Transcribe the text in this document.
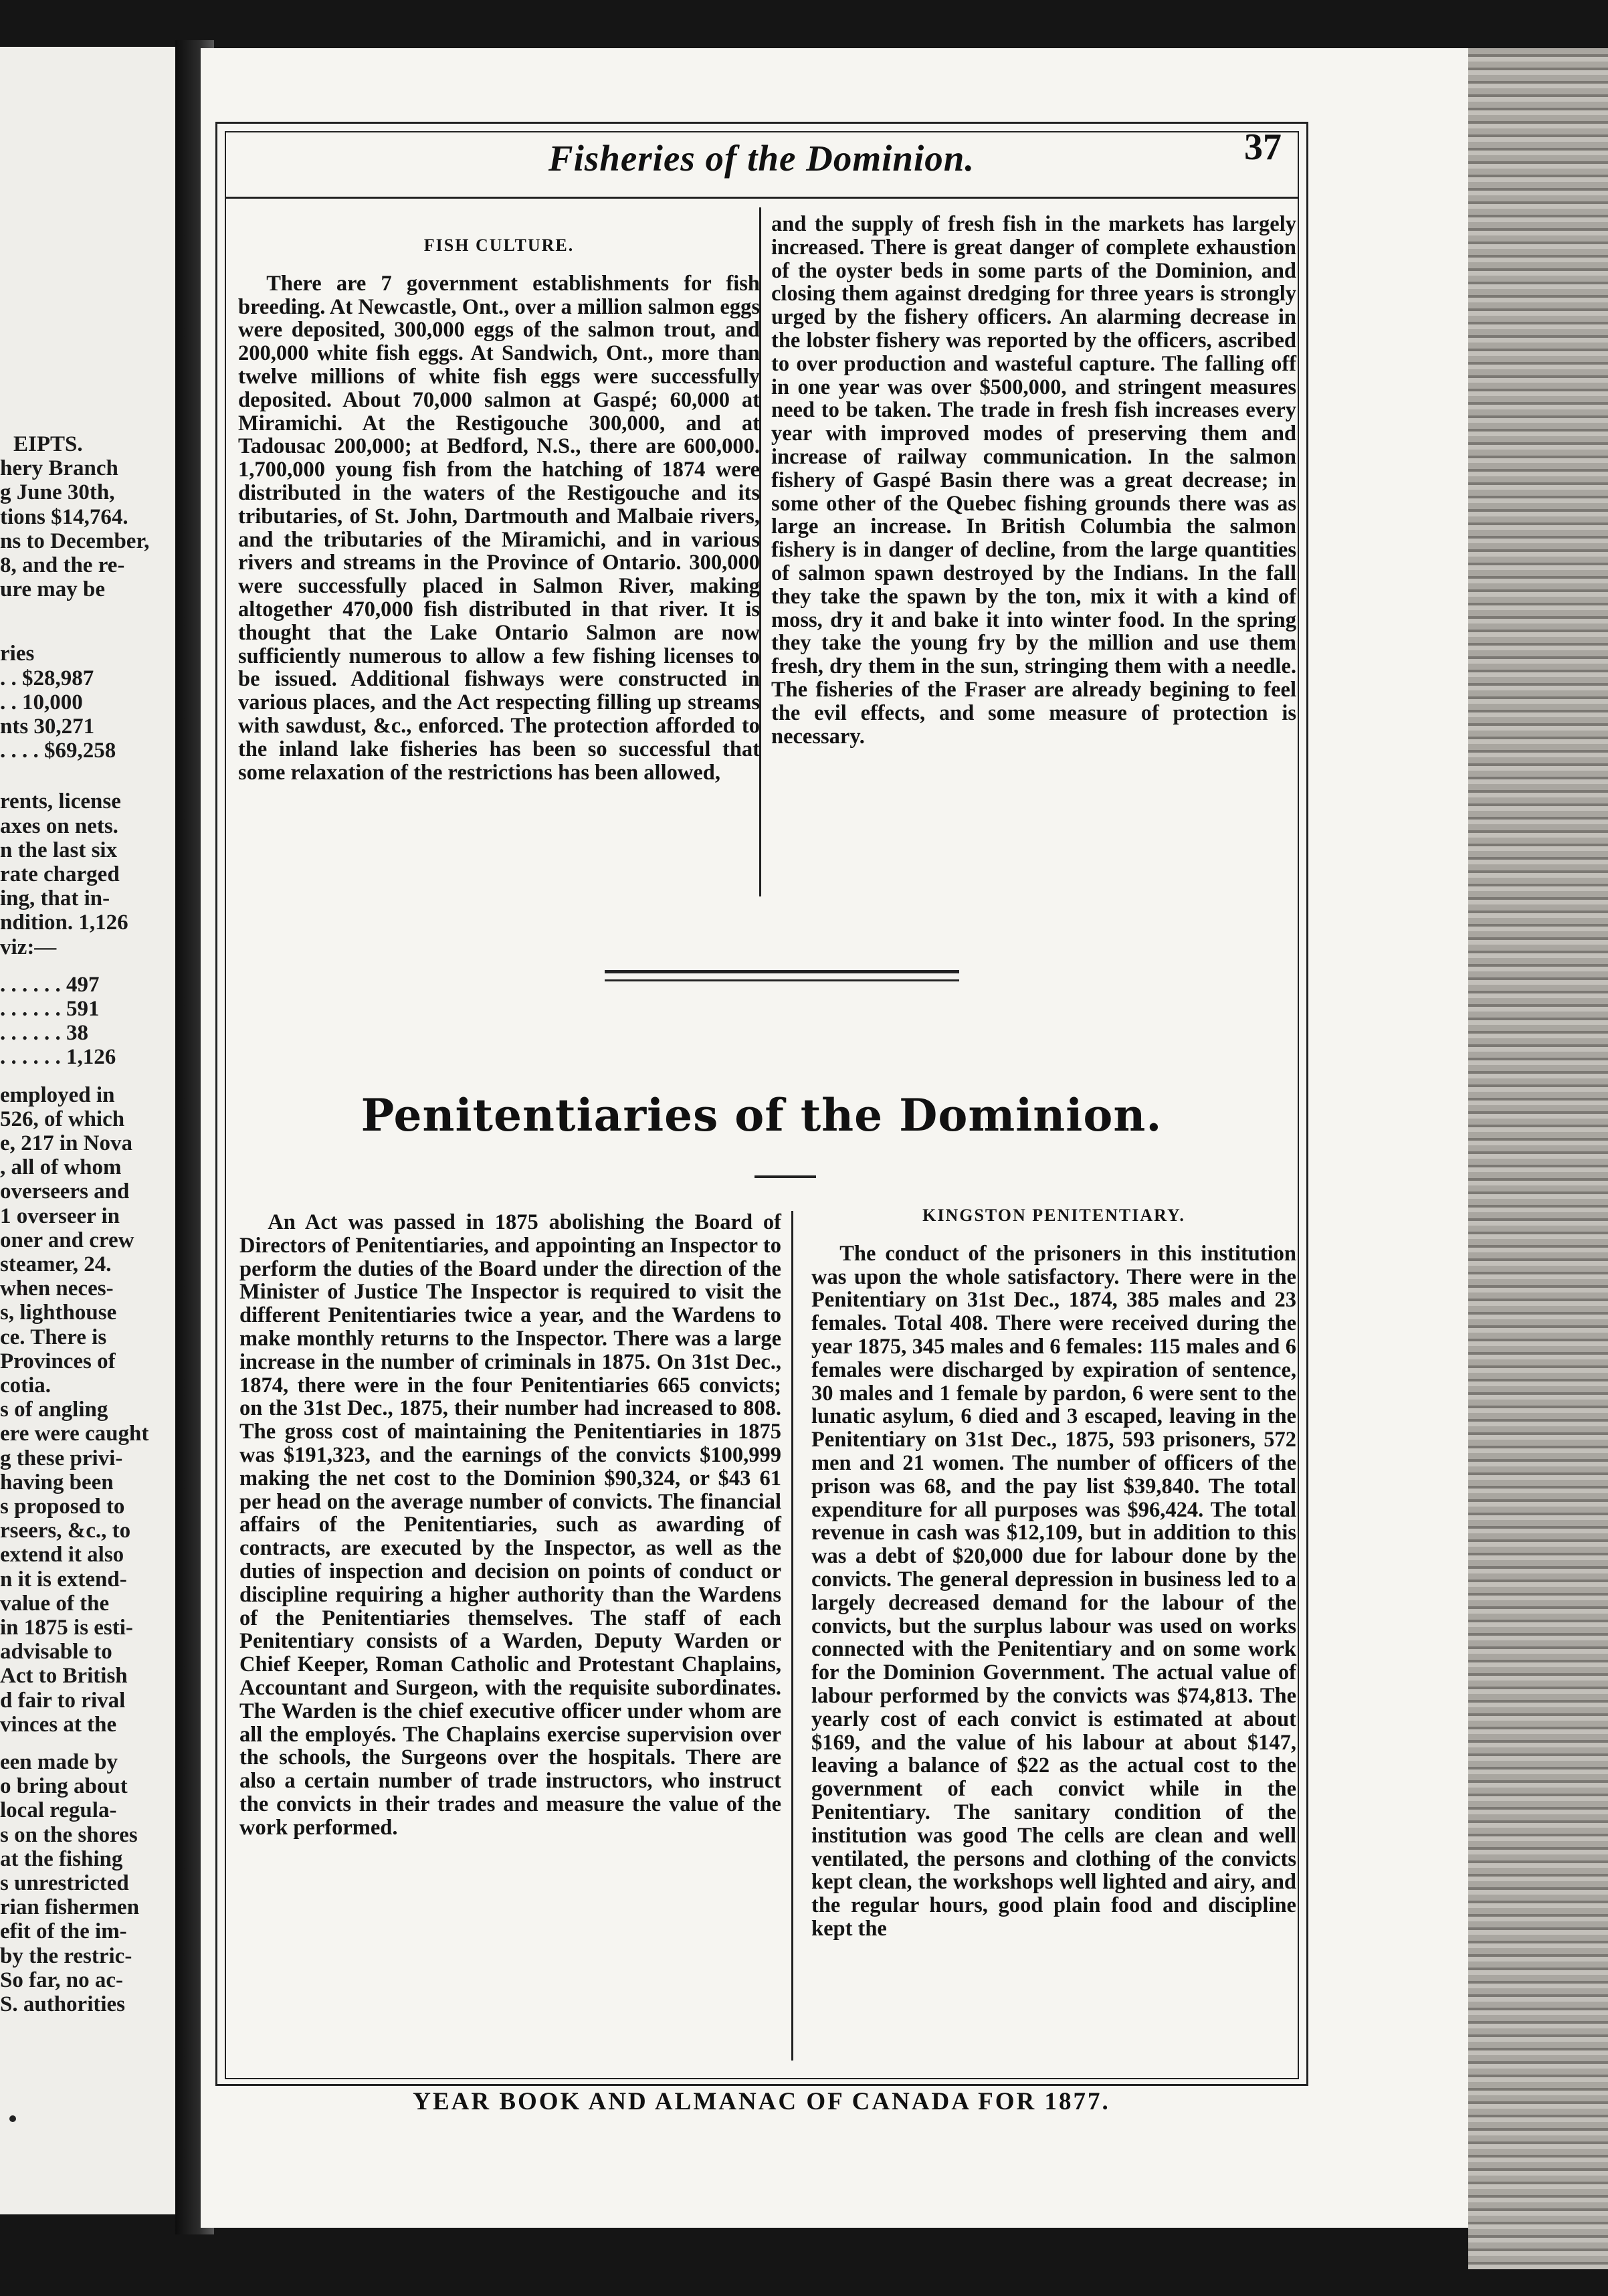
EIPTS.
hery Branch
g June 30th,
tions $14,764.
ns to December,
8, and the re-
ure may be
ries
. . $28,987
. . 10,000
nts 30,271
. . . . $69,258
rents, license
axes on nets.
n the last six
rate charged
ing, that in-
ndition. 1,126
viz:—
. . . . . . 497
. . . . . . 591
. . . . . . 38
. . . . . . 1,126
employed in
526, of which
e, 217 in Nova
, all of whom
overseers and
1 overseer in
oner and crew
steamer, 24.
when neces-
s, lighthouse
ce. There is
Provinces of
cotia.
s of angling
ere were caught
g these privi-
having been
s proposed to
rseers, &c., to
extend it also
n it is extend-
value of the
in 1875 is esti-
advisable to
Act to British
d fair to rival
vinces at the
een made by
o bring about
local regula-
s on the shores
at the fishing
s unrestricted
rian fishermen
efit of the im-
by the restric-
So far, no ac-
S. authorities
Fisheries of the Dominion.	37
FISH CULTURE.

There are 7 government establishments for fish breeding. At Newcastle, Ont., over a million salmon eggs were deposited, 300,000 eggs of the salmon trout, and 200,000 white fish eggs. At Sandwich, Ont., more than twelve millions of white fish eggs were successfully deposited. About 70,000 salmon at Gaspé; 60,000 at Miramichi. At the Restigouche 300,000, and at Tadousac 200,000; at Bedford, N.S., there are 600,000. 1,700,000 young fish from the hatching of 1874 were distributed in the waters of the Restigouche and its tributaries, of St. John, Dartmouth and Malbaie rivers, and the tributaries of the Miramichi, and in various rivers and streams in the Province of Ontario. 300,000 were successfully placed in Salmon River, making altogether 470,000 fish distributed in that river. It is thought that the Lake Ontario Salmon are now sufficiently numerous to allow a few fishing licenses to be issued. Additional fishways were constructed in various places, and the Act respecting filling up streams with sawdust, &c., enforced. The protection afforded to the inland lake fisheries has been so successful that some relaxation of the restrictions has been allowed,

and the supply of fresh fish in the markets has largely increased. There is great danger of complete exhaustion of the oyster beds in some parts of the Dominion, and closing them against dredging for three years is strongly urged by the fishery officers. An alarming decrease in the lobster fishery was reported by the officers, ascribed to over production and wasteful capture. The falling off in one year was over $500,000, and stringent measures need to be taken. The trade in fresh fish increases every year with improved modes of preserving them and increase of railway communication. In the salmon fishery of Gaspé Basin there was a great decrease; in some other of the Quebec fishing grounds there was as large an increase. In British Columbia the salmon fishery is in danger of decline, from the large quantities of salmon spawn destroyed by the Indians. In the fall they take the spawn by the ton, mix it with a kind of moss, dry it and bake it into winter food. In the spring they take the young fry by the million and use them fresh, dry them in the sun, stringing them with a needle. The fisheries of the Fraser are already begining to feel the evil effects, and some measure of protection is necessary.

Penitentiaries of the Dominion.

An Act was passed in 1875 abolishing the Board of Directors of Penitentiaries, and appointing an Inspector to perform the duties of the Board under the direction of the Minister of Justice The Inspector is required to visit the different Penitentiaries twice a year, and the Wardens to make monthly returns to the Inspector. There was a large increase in the number of criminals in 1875. On 31st Dec., 1874, there were in the four Penitentiaries 665 convicts; on the 31st Dec., 1875, their number had increased to 808. The gross cost of maintaining the Penitentiaries in 1875 was $191,323, and the earnings of the convicts $100,999 making the net cost to the Dominion $90,324, or $43 61 per head on the average number of convicts. The financial affairs of the Penitentiaries, such as awarding of contracts, are executed by the Inspector, as well as the duties of inspection and decision on points of conduct or discipline requiring a higher authority than the Wardens of the Penitentiaries themselves. The staff of each Penitentiary consists of a Warden, Deputy Warden or Chief Keeper, Roman Catholic and Protestant Chaplains, Accountant and Surgeon, with the requisite subordinates. The Warden is the chief executive officer under whom are all the employés. The Chaplains exercise supervision over the schools, the Surgeons over the hospitals. There are also a certain number of trade instructors, who instruct the convicts in their trades and measure the value of the work performed.

KINGSTON PENITENTIARY.

The conduct of the prisoners in this institution was upon the whole satisfactory. There were in the Penitentiary on 31st Dec., 1874, 385 males and 23 females. Total 408. There were received during the year 1875, 345 males and 6 females: 115 males and 6 females were discharged by expiration of sentence, 30 males and 1 female by pardon, 6 were sent to the lunatic asylum, 6 died and 3 escaped, leaving in the Penitentiary on 31st Dec., 1875, 593 prisoners, 572 men and 21 women. The number of officers of the prison was 68, and the pay list $39,840. The total expenditure for all purposes was $96,424. The total revenue in cash was $12,109, but in addition to this was a debt of $20,000 due for labour done by the convicts. The general depression in business led to a largely decreased demand for the labour of the convicts, but the surplus labour was used on works connected with the Penitentiary and on some work for the Dominion Government. The actual value of labour performed by the convicts was $74,813. The yearly cost of each convict is estimated at about $169, and the value of his labour at about $147, leaving a balance of $22 as the actual cost to the government of each convict while in the Penitentiary. The sanitary condition of the institution was good The cells are clean and well ventilated, the persons and clothing of the convicts kept clean, the workshops well lighted and airy, and the regular hours, good plain food and discipline kept the

YEAR BOOK AND ALMANAC OF CANADA FOR 1877.
